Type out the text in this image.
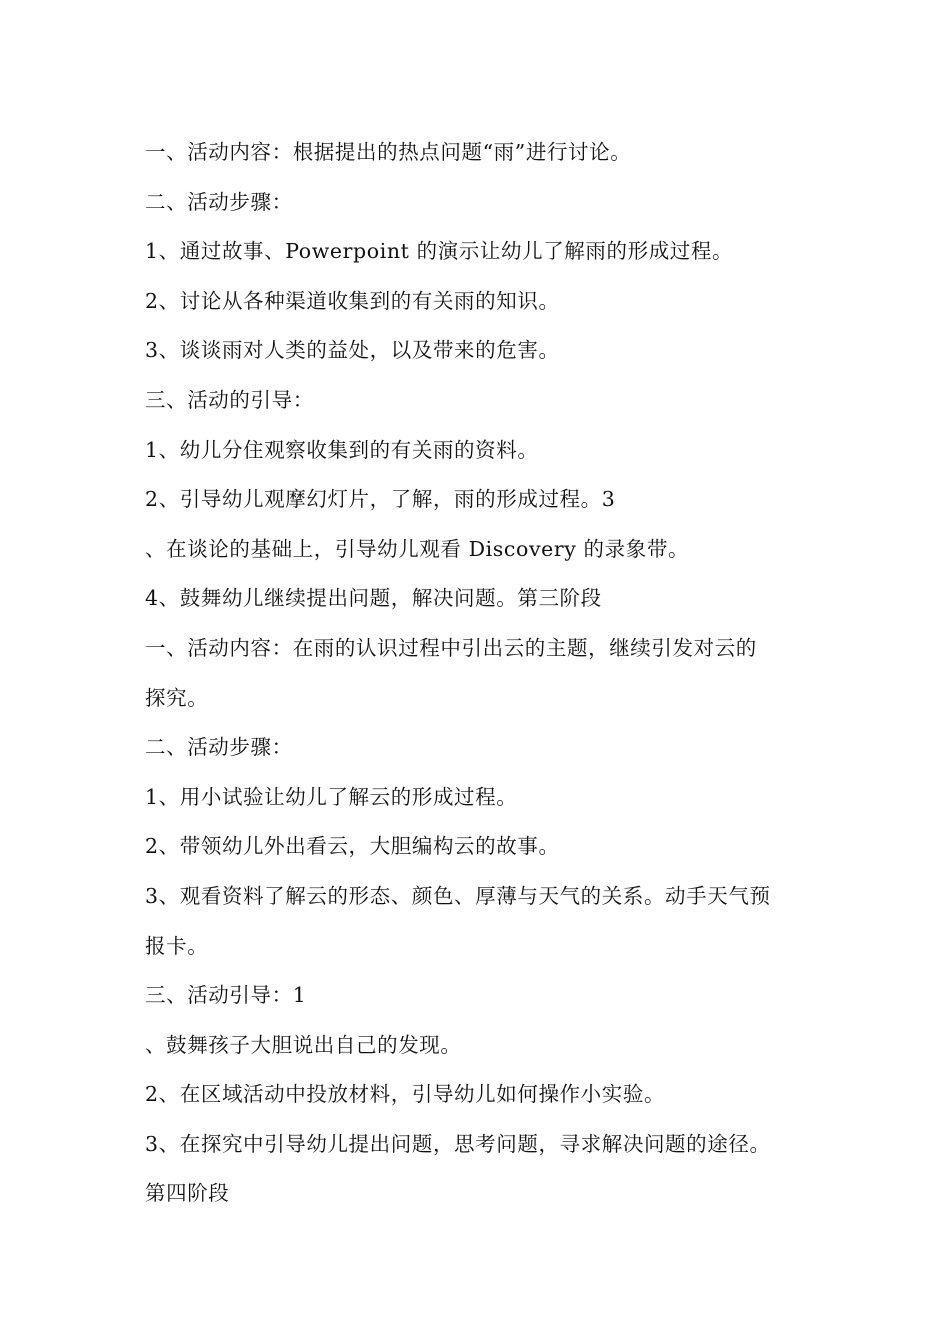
一、活动内容：根据提出的热点问题“雨”进行讨论。

二、活动步骤：

1、通过故事、Powerpoint 的演示让幼儿了解雨的形成过程。

2、讨论从各种渠道收集到的有关雨的知识。

3、谈谈雨对人类的益处，以及带来的危害。

三、活动的引导：

1、幼儿分住观察收集到的有关雨的资料。

2、引导幼儿观摩幻灯片，了解，雨的形成过程。3

、在谈论的基础上，引导幼儿观看 Discovery 的录象带。

4、鼓舞幼儿继续提出问题，解决问题。第三阶段

一、活动内容：在雨的认识过程中引出云的主题，继续引发对云的

探究。

二、活动步骤：

1、用小试验让幼儿了解云的形成过程。

2、带领幼儿外出看云，大胆编构云的故事。

3、观看资料了解云的形态、颜色、厚薄与天气的关系。动手天气预

报卡。

三、活动引导：1

、鼓舞孩子大胆说出自己的发现。

2、在区域活动中投放材料，引导幼儿如何操作小实验。

3、在探究中引导幼儿提出问题，思考问题，寻求解决问题的途径。

第四阶段
